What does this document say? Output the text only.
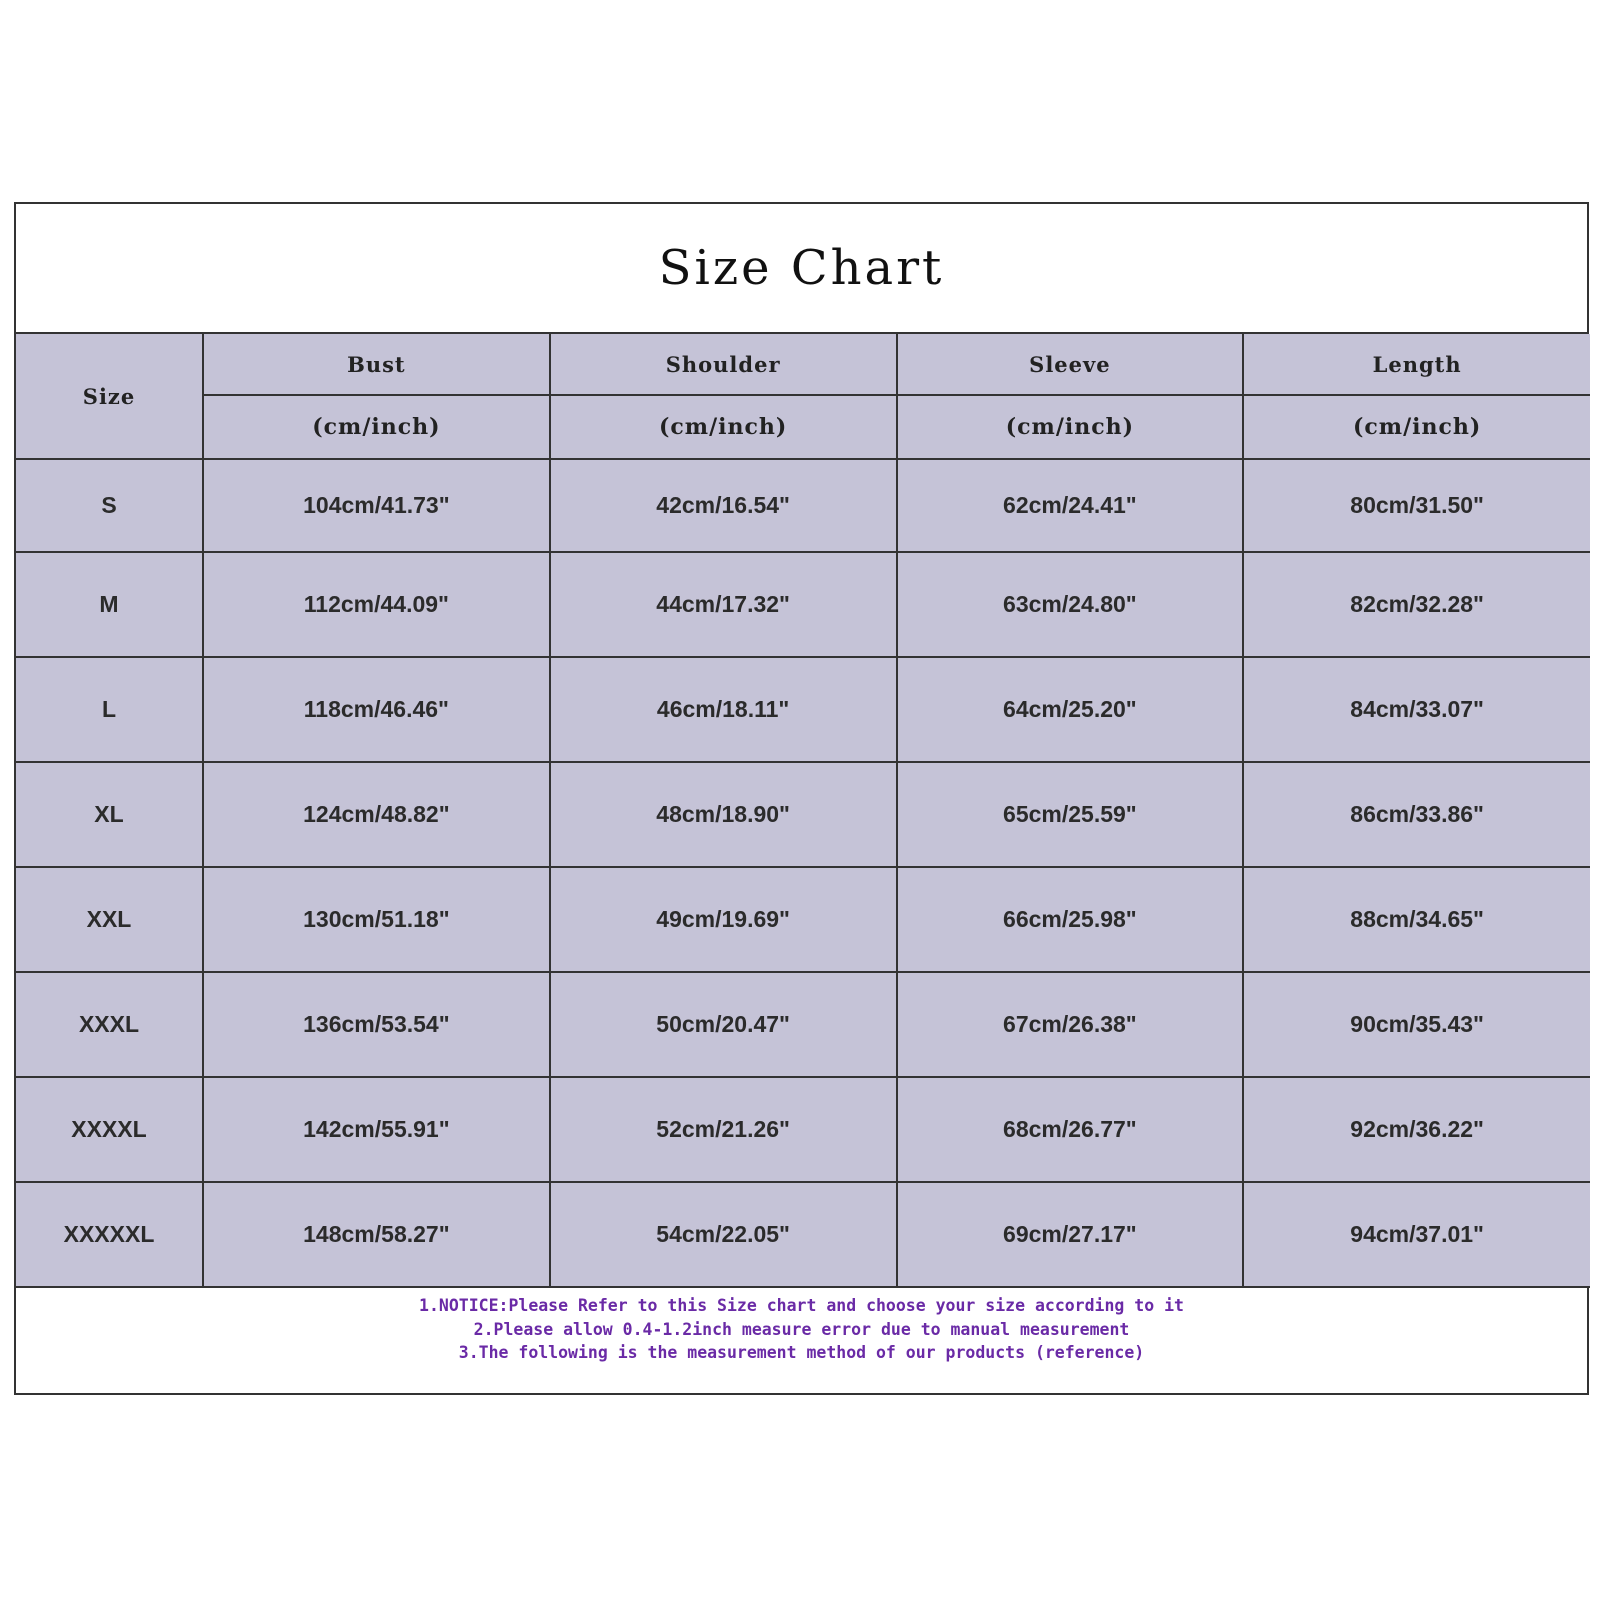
Size Chart
Size	Bust	Shoulder	Sleeve	Length
	(cm/inch)	(cm/inch)	(cm/inch)	(cm/inch)
S	104cm/41.73"	42cm/16.54"	62cm/24.41"	80cm/31.50"
M	112cm/44.09"	44cm/17.32"	63cm/24.80"	82cm/32.28"
L	118cm/46.46"	46cm/18.11"	64cm/25.20"	84cm/33.07"
XL	124cm/48.82"	48cm/18.90"	65cm/25.59"	86cm/33.86"
XXL	130cm/51.18"	49cm/19.69"	66cm/25.98"	88cm/34.65"
XXXL	136cm/53.54"	50cm/20.47"	67cm/26.38"	90cm/35.43"
XXXXL	142cm/55.91"	52cm/21.26"	68cm/26.77"	92cm/36.22"
XXXXXL	148cm/58.27"	54cm/22.05"	69cm/27.17"	94cm/37.01"
1.NOTICE:Please Refer to this Size chart and choose your size according to it
2.Please allow 0.4-1.2inch measure error due to manual measurement
3.The following is the measurement method of our products (reference)
